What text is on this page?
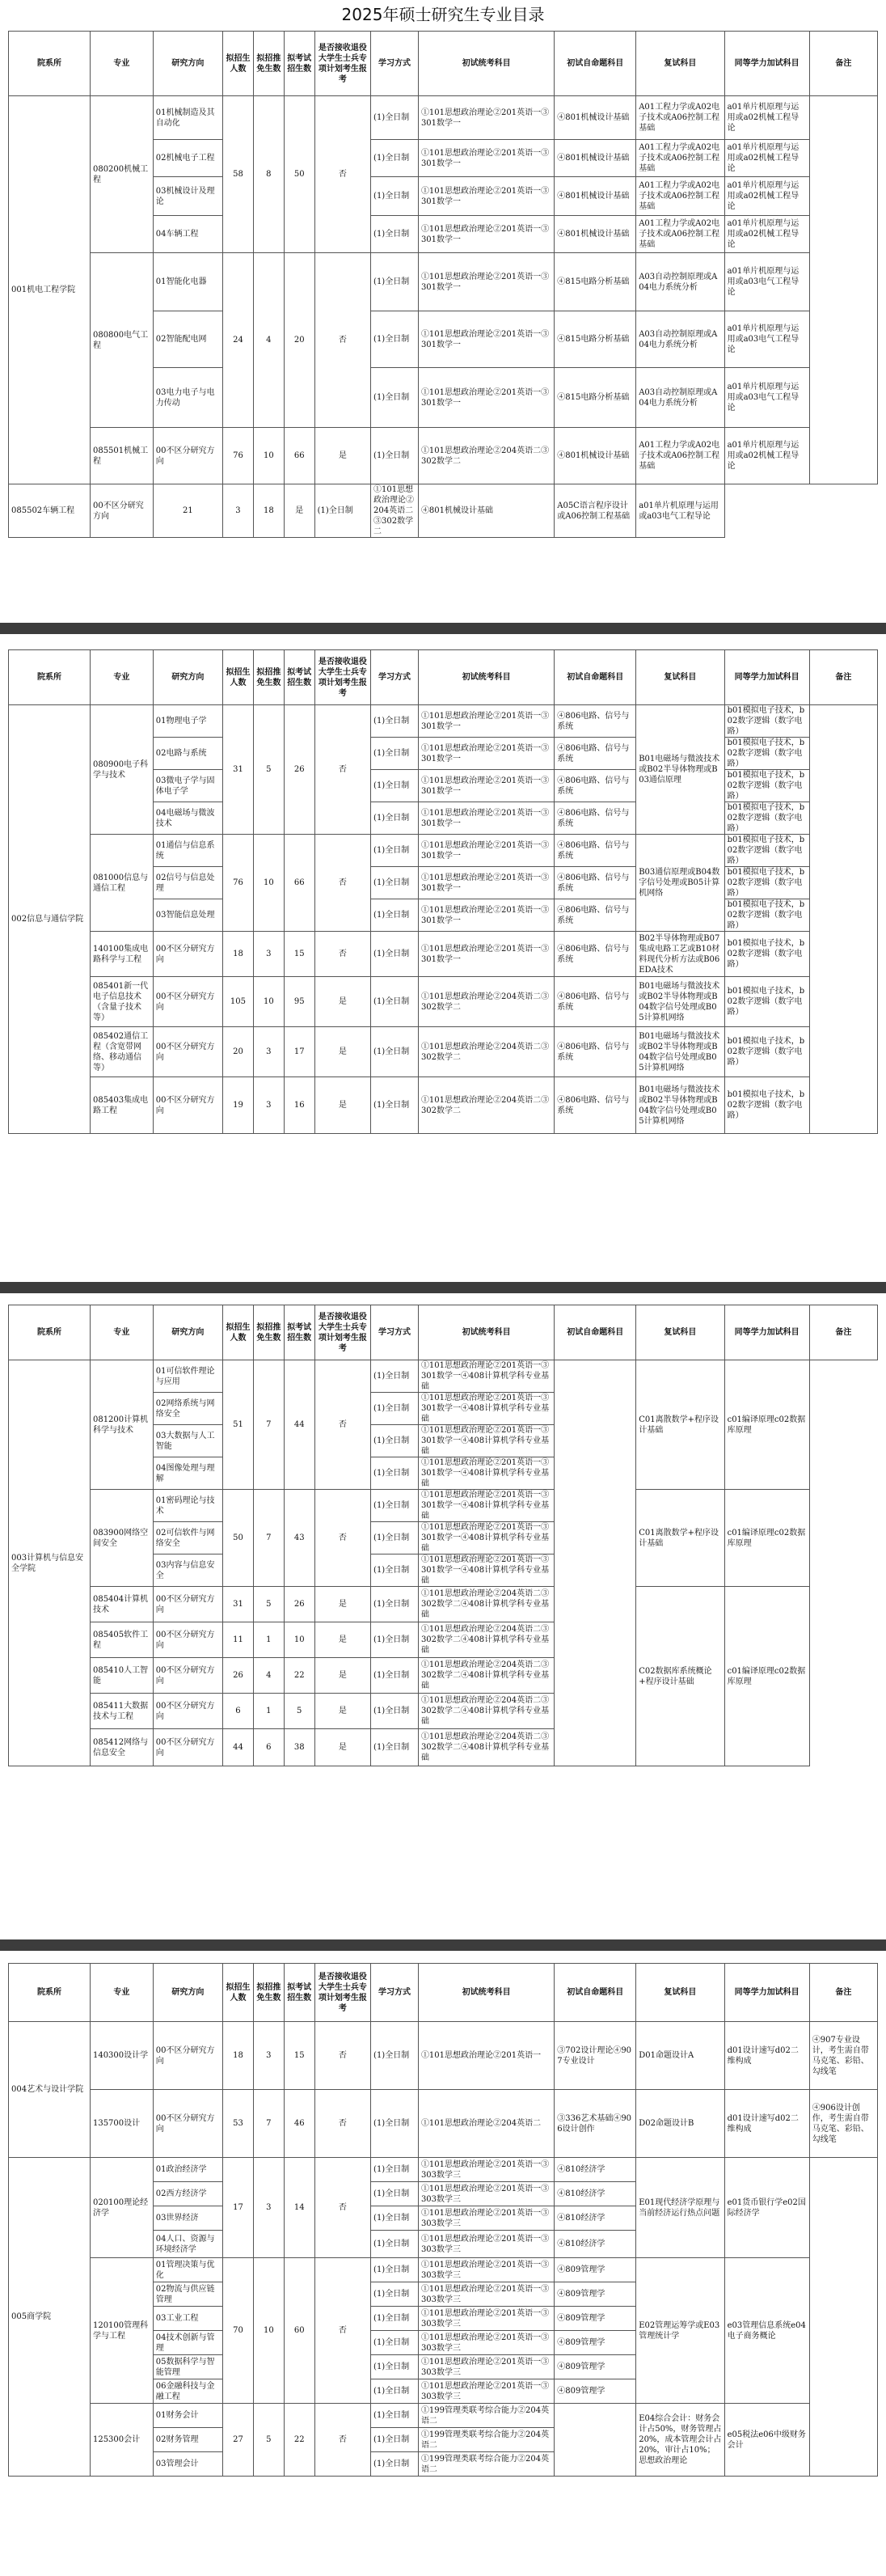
2025年硕士研究生专业目录
院系所	专业	研究方向	拟招生人数	拟招推免生数	拟考试招生数	是否接收退役大学生士兵专项计划考生报考	学习方式	初试统考科目	初试自命题科目	复试科目	同等学力加试科目	备注
001机电工程学院	080200机械工程	01机械制造及其自动化	58	8	50	否	(1)全日制	①101思想政治理论②201英语一③301数学一	④801机械设计基础	A01工程力学或A02电子技术或A06控制工程基础	a01单片机原理与运用或a02机械工程导论	
		02机械电子工程					(1)全日制	①101思想政治理论②201英语一③301数学一	④801机械设计基础	A01工程力学或A02电子技术或A06控制工程基础	a01单片机原理与运用或a02机械工程导论	
		03机械设计及理论					(1)全日制	①101思想政治理论②201英语一③301数学一	④801机械设计基础	A01工程力学或A02电子技术或A06控制工程基础	a01单片机原理与运用或a02机械工程导论	
		04车辆工程					(1)全日制	①101思想政治理论②201英语一③301数学一	④801机械设计基础	A01工程力学或A02电子技术或A06控制工程基础	a01单片机原理与运用或a02机械工程导论	
	080800电气工程	01智能化电器	24	4	20	否	(1)全日制	①101思想政治理论②201英语一③301数学一	④815电路分析基础	A03自动控制原理或A04电力系统分析	a01单片机原理与运用或a03电气工程导论	
		02智能配电网					(1)全日制	①101思想政治理论②201英语一③301数学一	④815电路分析基础	A03自动控制原理或A04电力系统分析	a01单片机原理与运用或a03电气工程导论	
		03电力电子与电力传动					(1)全日制	①101思想政治理论②201英语一③301数学一	④815电路分析基础	A03自动控制原理或A04电力系统分析	a01单片机原理与运用或a03电气工程导论	
	085501机械工程	00不区分研究方向	76	10	66	是	(1)全日制	①101思想政治理论②204英语二③302数学二	④801机械设计基础	A01工程力学或A02电子技术或A06控制工程基础	a01单片机原理与运用或a02机械工程导论	
085502车辆工程	00不区分研究方向	21	3	18	是	(1)全日制	①101思想政治理论②204英语二③302数学二	④801机械设计基础	A05C语言程序设计或A06控制工程基础	a01单片机原理与运用或a03电气工程导论		
院系所	专业	研究方向	拟招生人数	拟招推免生数	拟考试招生数	是否接收退役大学生士兵专项计划考生报考	学习方式	初试统考科目	初试自命题科目	复试科目	同等学力加试科目	备注
002信息与通信学院	080900电子科学与技术	01物理电子学	31	5	26	否	(1)全日制	①101思想政治理论②201英语一③301数学一	④806电路、信号与系统	B01电磁场与微波技术或B02半导体物理或B03通信原理	b01模拟电子技术，b02数字逻辑（数字电路）	
		02电路与系统					(1)全日制	①101思想政治理论②201英语一③301数学一	④806电路、信号与系统		b01模拟电子技术，b02数字逻辑（数字电路）	
		03微电子学与固体电子学					(1)全日制	①101思想政治理论②201英语一③301数学一	④806电路、信号与系统		b01模拟电子技术，b02数字逻辑（数字电路）	
		04电磁场与微波技术					(1)全日制	①101思想政治理论②201英语一③301数学一	④806电路、信号与系统		b01模拟电子技术，b02数字逻辑（数字电路）	
	081000信息与通信工程	01通信与信息系统	76	10	66	否	(1)全日制	①101思想政治理论②201英语一③301数学一	④806电路、信号与系统	B03通信原理或B04数字信号处理或B05计算机网络	b01模拟电子技术，b02数字逻辑（数字电路）	
		02信号与信息处理					(1)全日制	①101思想政治理论②201英语一③301数学一	④806电路、信号与系统		b01模拟电子技术，b02数字逻辑（数字电路）	
		03智能信息处理					(1)全日制	①101思想政治理论②201英语一③301数学一	④806电路、信号与系统		b01模拟电子技术，b02数字逻辑（数字电路）	
	140100集成电路科学与工程	00不区分研究方向	18	3	15	否	(1)全日制	①101思想政治理论②201英语一③301数学一	④806电路、信号与系统	B02半导体物理或B07集成电路工艺或B10材料现代分析方法或B06EDA技术	b01模拟电子技术，b02数字逻辑（数字电路）	
	085401新一代电子信息技术（含量子技术等）	00不区分研究方向	105	10	95	是	(1)全日制	①101思想政治理论②204英语二③302数学二	④806电路、信号与系统	B01电磁场与微波技术或B02半导体物理或B04数字信号处理或B05计算机网络	b01模拟电子技术，b02数字逻辑（数字电路）	
	085402通信工程（含宽带网络、移动通信等）	00不区分研究方向	20	3	17	是	(1)全日制	①101思想政治理论②204英语二③302数学二	④806电路、信号与系统	B01电磁场与微波技术或B02半导体物理或B04数字信号处理或B05计算机网络	b01模拟电子技术，b02数字逻辑（数字电路）	
	085403集成电路工程	00不区分研究方向	19	3	16	是	(1)全日制	①101思想政治理论②204英语二③302数学二	④806电路、信号与系统	B01电磁场与微波技术或B02半导体物理或B04数字信号处理或B05计算机网络	b01模拟电子技术，b02数字逻辑（数字电路）	
院系所	专业	研究方向	拟招生人数	拟招推免生数	拟考试招生数	是否接收退役大学生士兵专项计划考生报考	学习方式	初试统考科目	初试自命题科目	复试科目	同等学力加试科目	备注
003计算机与信息安全学院	081200计算机科学与技术	01可信软件理论与应用	51	7	44	否	(1)全日制	①101思想政治理论②201英语一③301数学一④408计算机学科专业基础		C01离散数学+程序设计基础	c01编译原理c02数据库原理	
		02网络系统与网络安全					(1)全日制	①101思想政治理论②201英语一③301数学一④408计算机学科专业基础				
		03大数据与人工智能					(1)全日制	①101思想政治理论②201英语一③301数学一④408计算机学科专业基础				
		04图像处理与理解					(1)全日制	①101思想政治理论②201英语一③301数学一④408计算机学科专业基础				
	083900网络空间安全	01密码理论与技术	50	7	43	否	(1)全日制	①101思想政治理论②201英语一③301数学一④408计算机学科专业基础		C01离散数学+程序设计基础	c01编译原理c02数据库原理	
		02可信软件与网络安全					(1)全日制	①101思想政治理论②201英语一③301数学一④408计算机学科专业基础				
		03内容与信息安全					(1)全日制	①101思想政治理论②201英语一③301数学一④408计算机学科专业基础				
	085404计算机技术	00不区分研究方向	31	5	26	是	(1)全日制	①101思想政治理论②204英语二③302数学二④408计算机学科专业基础		C02数据库系统概论+程序设计基础	c01编译原理c02数据库原理	
	085405软件工程	00不区分研究方向	11	1	10	是	(1)全日制	①101思想政治理论②204英语二③302数学二④408计算机学科专业基础				
	085410人工智能	00不区分研究方向	26	4	22	是	(1)全日制	①101思想政治理论②204英语二③302数学二④408计算机学科专业基础				
	085411大数据技术与工程	00不区分研究方向	6	1	5	是	(1)全日制	①101思想政治理论②204英语二③302数学二④408计算机学科专业基础				
	085412网络与信息安全	00不区分研究方向	44	6	38	是	(1)全日制	①101思想政治理论②204英语二③302数学二④408计算机学科专业基础				
院系所	专业	研究方向	拟招生人数	拟招推免生数	拟考试招生数	是否接收退役大学生士兵专项计划考生报考	学习方式	初试统考科目	初试自命题科目	复试科目	同等学力加试科目	备注
004艺术与设计学院	140300设计学	00不区分研究方向	18	3	15	否	(1)全日制	①101思想政治理论②201英语一	③702设计理论④907专业设计	D01命题设计A	d01设计速写d02二维构成	④907专业设计，考生需自带马克笔、彩铅、勾线笔
	135700设计	00不区分研究方向	53	7	46	否	(1)全日制	①101思想政治理论②204英语二	③336艺术基础④906设计创作	D02命题设计B	d01设计速写d02二维构成	④906设计创作，考生需自带马克笔、彩铅、勾线笔
005商学院	020100理论经济学	01政治经济学	17	3	14	否	(1)全日制	①101思想政治理论②201英语一③303数学三	④810经济学	E01现代经济学原理与当前经济运行热点问题	e01货币银行学e02国际经济学	
		02西方经济学					(1)全日制	①101思想政治理论②201英语一③303数学三	④810经济学			
		03世界经济					(1)全日制	①101思想政治理论②201英语一③303数学三	④810经济学			
		04人口、资源与环境经济学					(1)全日制	①101思想政治理论②201英语一③303数学三	④810经济学			
	120100管理科学与工程	01管理决策与优化	70	10	60	否	(1)全日制	①101思想政治理论②201英语一③303数学三	④809管理学	E02管理运筹学或E03管理统计学	e03管理信息系统e04电子商务概论	
		02物流与供应链管理					(1)全日制	①101思想政治理论②201英语一③303数学三	④809管理学			
		03工业工程					(1)全日制	①101思想政治理论②201英语一③303数学三	④809管理学			
		04技术创新与管理					(1)全日制	①101思想政治理论②201英语一③303数学三	④809管理学			
		05数据科学与智能管理					(1)全日制	①101思想政治理论②201英语一③303数学三	④809管理学			
		06金融科技与金融工程					(1)全日制	①101思想政治理论②201英语一③303数学三	④809管理学			
	125300会计	01财务会计	27	5	22	否	(1)全日制	①199管理类联考综合能力②204英语二		E04综合会计：财务会计占50%，财务管理占20%，成本管理会计占20%，审计占10%；思想政治理论	e05税法e06中级财务会计	
		02财务管理					(1)全日制	①199管理类联考综合能力②204英语二				
		03管理会计					(1)全日制	①199管理类联考综合能力②204英语二				
